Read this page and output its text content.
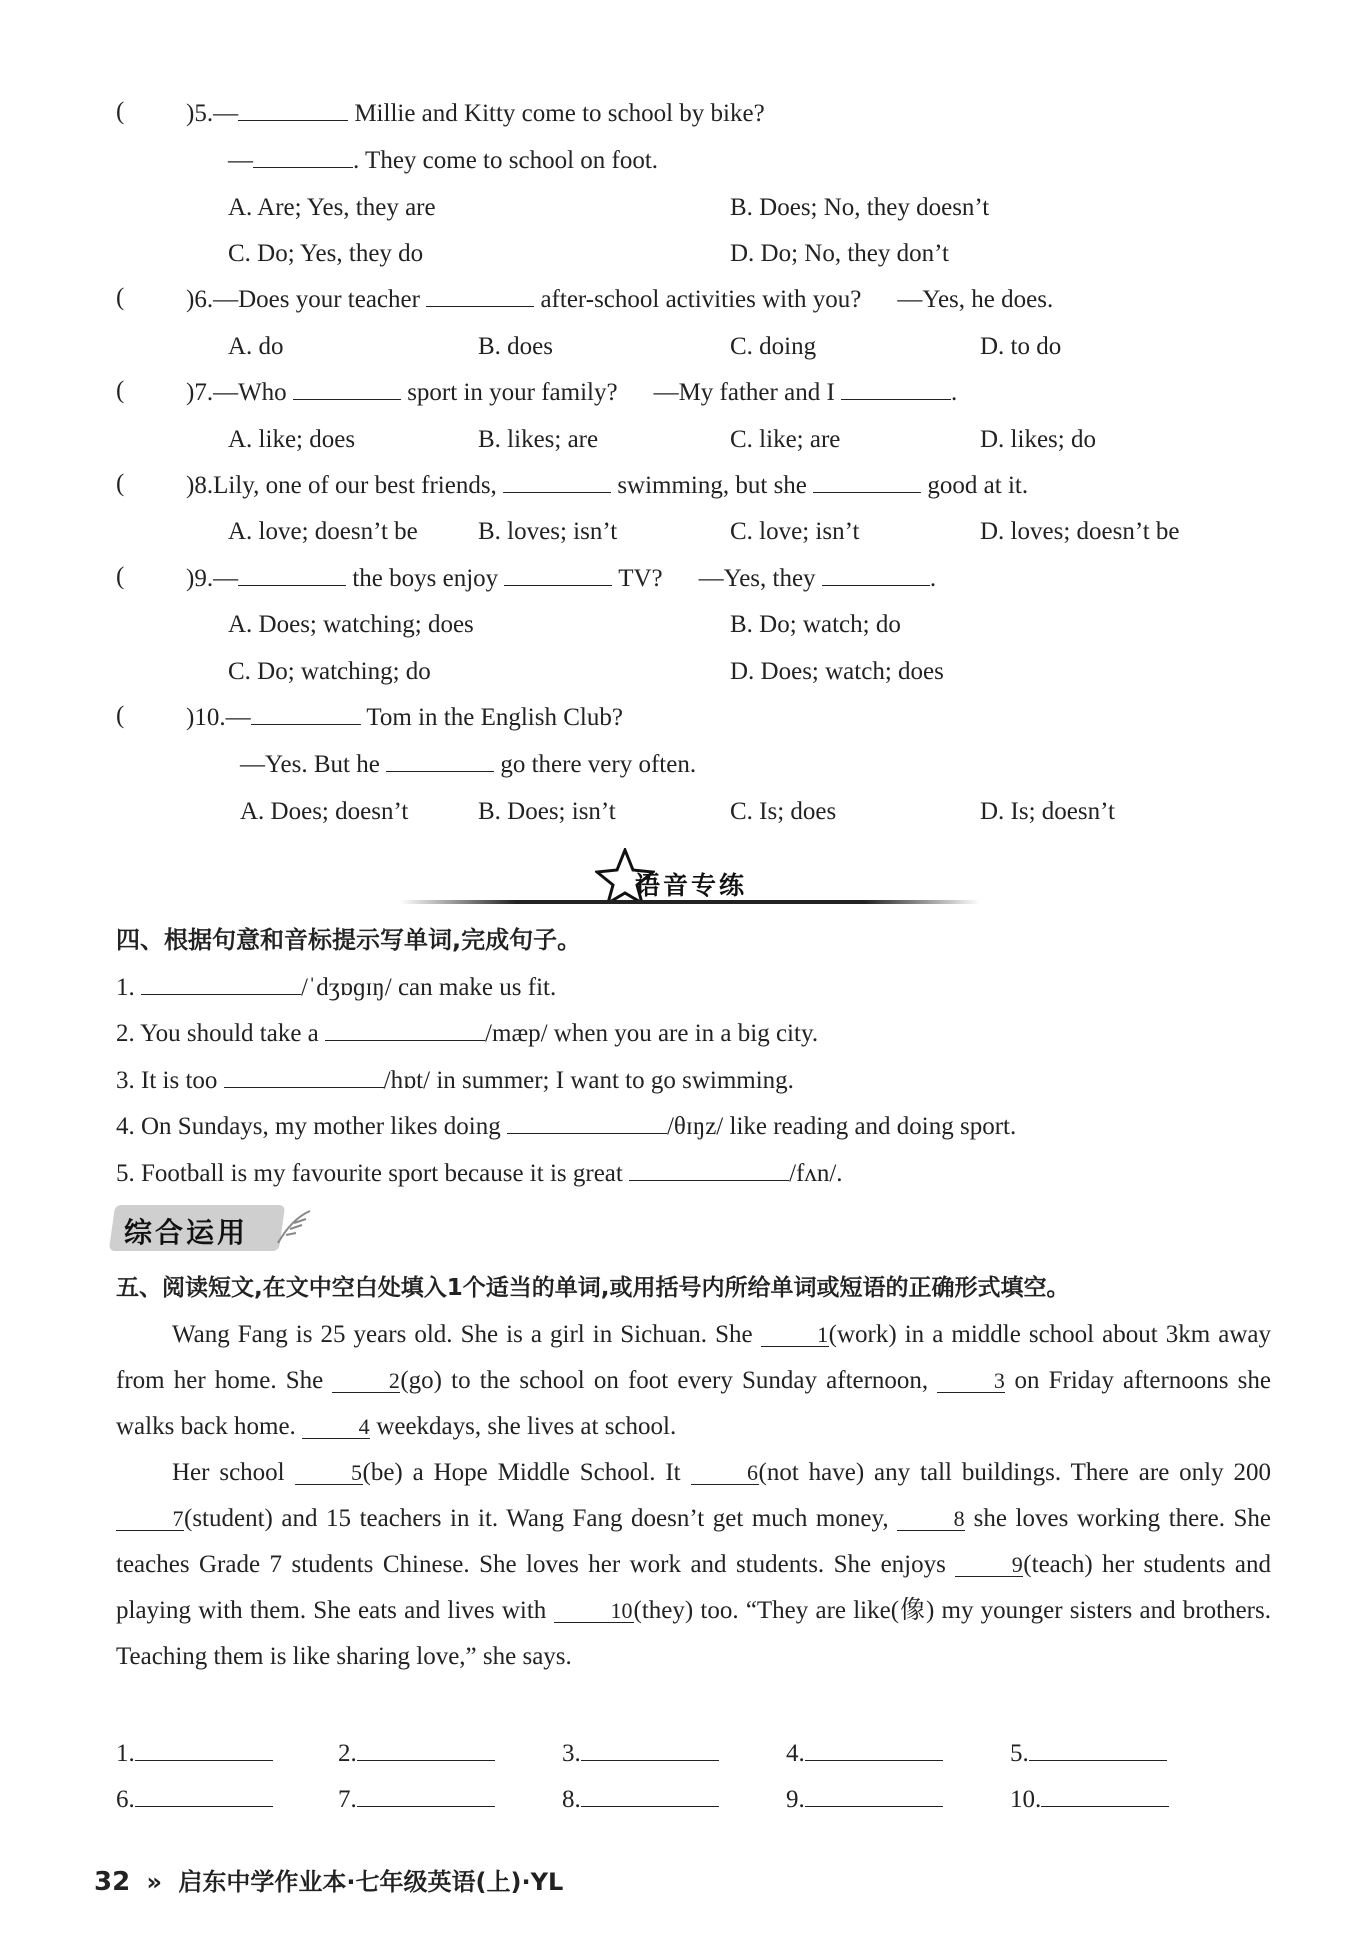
( )5.—	Millie and Kitty come to school by bike?
—	. They come to school on foot.
A. Are; Yes, they are	B. Does; No, they doesn’t
C. Do; Yes, they do	D. Do; No, they don’t
( )6.—Does your teacher	after-school activities with you? —Yes, he does.
A. do	B. does	C. doing	D. to do
( )7.—Who	sport in your family? —My father and I	.
A. like; does	B. likes; are	C. like; are	D. likes; do
( )8.Lily, one of our best friends,	swimming, but she	good at it.
A. love; doesn’t be B. loves; isn’t	C. love; isn’t	D. loves; doesn’t be
( )9.—	the boys enjoy	TV? —Yes, they	.
A. Does; watching; does	B. Do; watch; do
C. Do; watching; do	D. Does; watch; does
( )10.—	Tom in the English Club?
—Yes. But he	go there very often.
A. Does; doesn’t	B. Does; isn’t	C. Is; does	D. Is; doesn’t
语音专练
四、根据句意和音标提示写单词,完成句子。
1.	/ˈdʒɒɡɪŋ/ can make us fit.
2. You should take a	/mæp/ when you are in a big city.
3. It is too	/hɒt/ in summer; I want to go swimming.
4. On Sundays, my mother likes doing	/θɪŋz/ like reading and doing sport.
5. Football is my favourite sport because it is great	/fʌn/.
综合运用
五、阅读短文,在文中空白处填入1个适当的单词,或用括号内所给单词或短语的正确形式填空。
Wang Fang is 25 years old. She is a girl in Sichuan. She	1(work) in a middle school about 3km away from her home. She	2(go) to the school on foot every Sunday afternoon,	3 on Friday afternoons she walks back home.	4 weekdays, she lives at school.
Her school	5(be) a Hope Middle School. It	6(not have) any tall buildings. There are only 200 7(student) and 15 teachers in it. Wang Fang doesn’t get much money,	8 she loves working there. She teaches Grade 7 students Chinese. She loves her work and students. She enjoys	9(teach) her students and playing with them. She eats and lives with	10(they) too. “They are like(像) my younger sisters and brothers. Teaching them is like sharing love,” she says.
1.	2.	3.	4.	5.
6.	7.	8.	9.	10.
32 » 启东中学作业本·七年级英语(上)·YL
